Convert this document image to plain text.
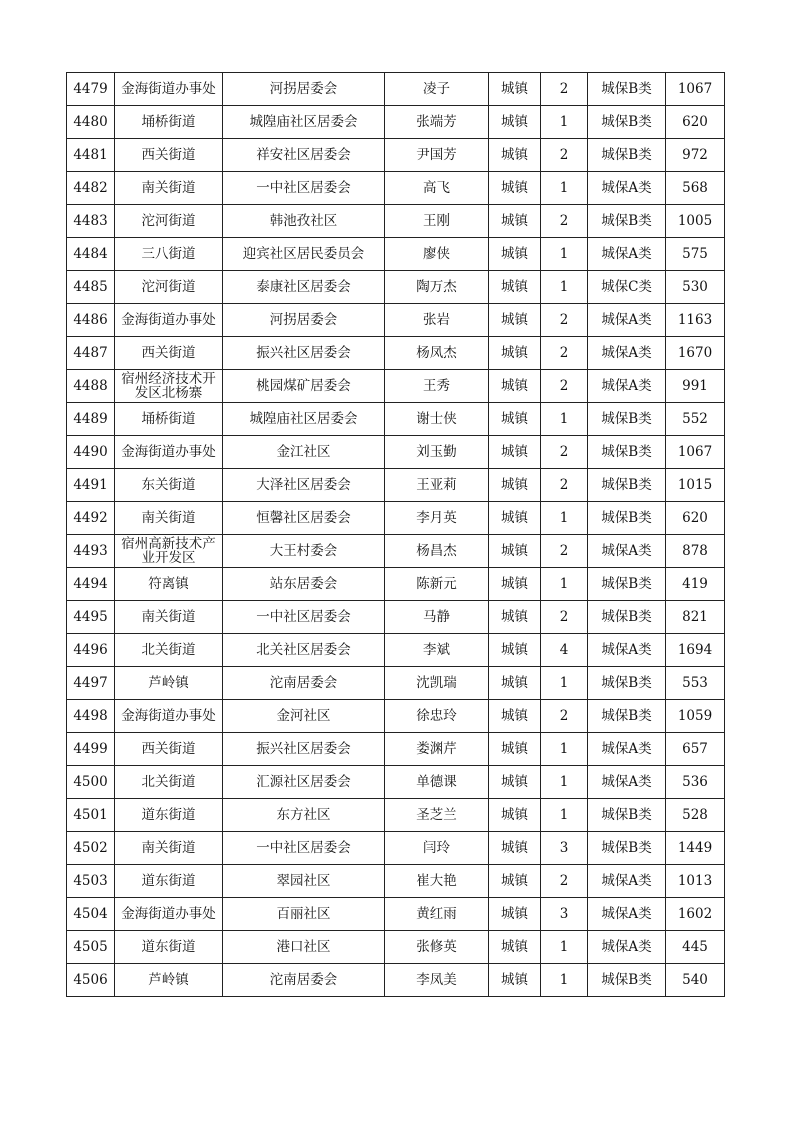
4479	金海街道办事处	河拐居委会	凌子	城镇	2	城保B类	1067
4480	埇桥街道	城隍庙社区居委会	张端芳	城镇	1	城保B类	620
4481	西关街道	祥安社区居委会	尹国芳	城镇	2	城保B类	972
4482	南关街道	一中社区居委会	高飞	城镇	1	城保A类	568
4483	沱河街道	韩池孜社区	王刚	城镇	2	城保B类	1005
4484	三八街道	迎宾社区居民委员会	廖侠	城镇	1	城保A类	575
4485	沱河街道	泰康社区居委会	陶万杰	城镇	1	城保C类	530
4486	金海街道办事处	河拐居委会	张岩	城镇	2	城保A类	1163
4487	西关街道	振兴社区居委会	杨凤杰	城镇	2	城保A类	1670
4488	宿州经济技术开发区北杨寨	桃园煤矿居委会	王秀	城镇	2	城保A类	991
4489	埇桥街道	城隍庙社区居委会	谢士侠	城镇	1	城保B类	552
4490	金海街道办事处	金江社区	刘玉勤	城镇	2	城保B类	1067
4491	东关街道	大泽社区居委会	王亚莉	城镇	2	城保B类	1015
4492	南关街道	恒馨社区居委会	李月英	城镇	1	城保B类	620
4493	宿州高新技术产业开发区	大王村委会	杨昌杰	城镇	2	城保A类	878
4494	符离镇	站东居委会	陈新元	城镇	1	城保B类	419
4495	南关街道	一中社区居委会	马静	城镇	2	城保B类	821
4496	北关街道	北关社区居委会	李斌	城镇	4	城保A类	1694
4497	芦岭镇	沱南居委会	沈凯瑞	城镇	1	城保B类	553
4498	金海街道办事处	金河社区	徐忠玲	城镇	2	城保B类	1059
4499	西关街道	振兴社区居委会	娄渊芹	城镇	1	城保A类	657
4500	北关街道	汇源社区居委会	单德课	城镇	1	城保A类	536
4501	道东街道	东方社区	圣芝兰	城镇	1	城保B类	528
4502	南关街道	一中社区居委会	闫玲	城镇	3	城保B类	1449
4503	道东街道	翠园社区	崔大艳	城镇	2	城保A类	1013
4504	金海街道办事处	百丽社区	黄红雨	城镇	3	城保A类	1602
4505	道东街道	港口社区	张修英	城镇	1	城保A类	445
4506	芦岭镇	沱南居委会	李凤美	城镇	1	城保B类	540
